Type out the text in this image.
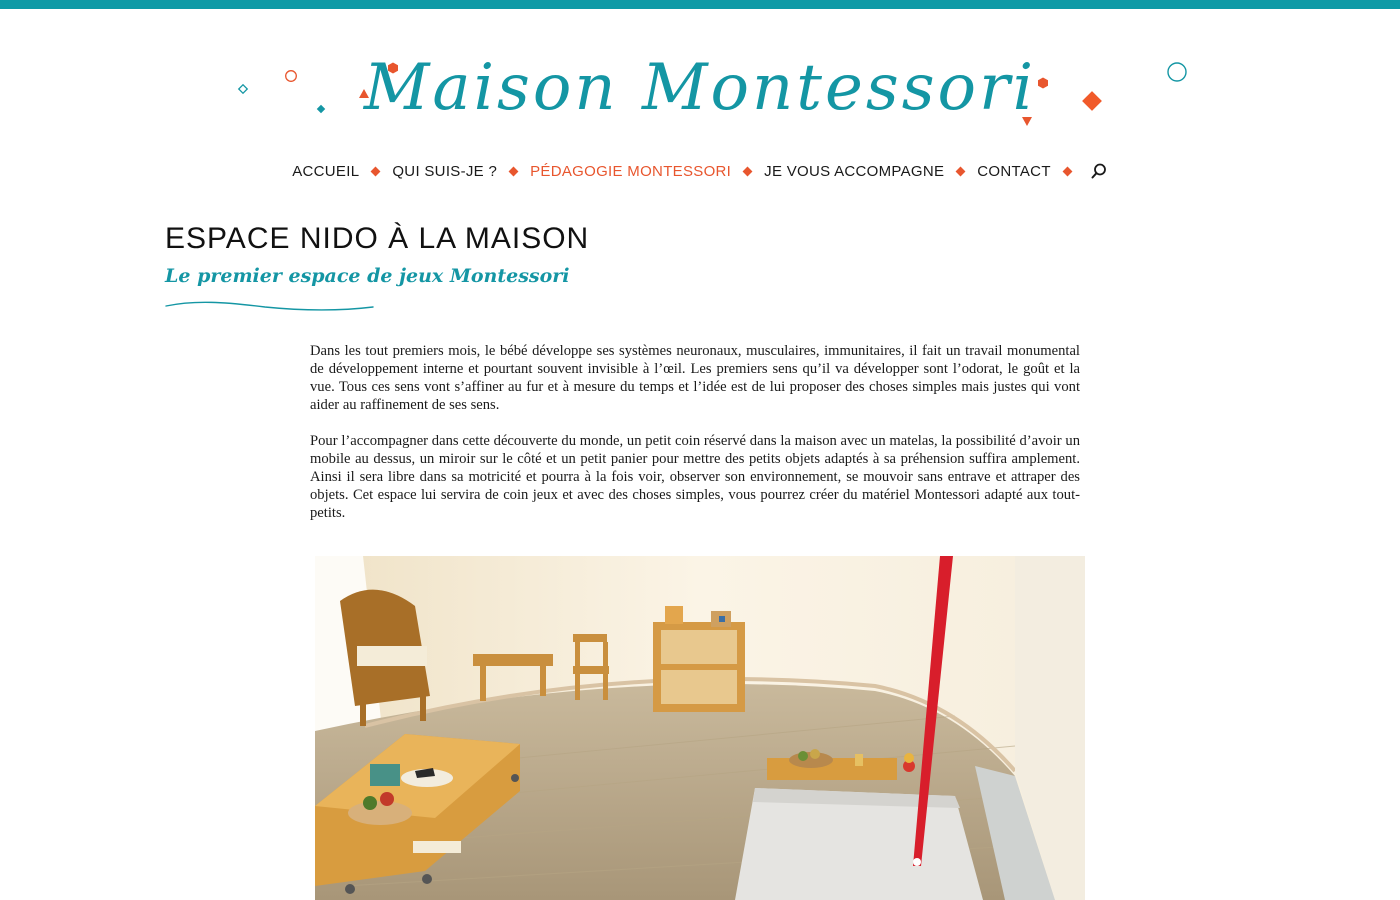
Maison Montessori
ACCUEIL QUI SUIS-JE ? PÉDAGOGIE MONTESSORI JE VOUS ACCOMPAGNE CONTACT
ESPACE NIDO À LA MAISON
Le premier espace de jeux Montessori

Dans les tout premiers mois, le bébé développe ses systèmes neuronaux, musculaires, immunitaires, il fait un travail monumental de développement interne et pourtant souvent invisible à l’œil. Les premiers sens qu’il va développer sont l’odorat, le goût et la vue. Tous ces sens vont s’affiner au fur et à mesure du temps et l’idée est de lui proposer des choses simples mais justes qui vont aider au raffinement de ses sens.

Pour l’accompagner dans cette découverte du monde, un petit coin réservé dans la maison avec un matelas, la possibilité d’avoir un mobile au dessus, un miroir sur le côté et un petit panier pour mettre des petits objets adaptés à sa préhension suffira amplement. Ainsi il sera libre dans sa motricité et pourra à la fois voir, observer son environnement, se mouvoir sans entrave et attraper des objets. Cet espace lui servira de coin jeux et avec des choses simples, vous pourrez créer du matériel Montessori adapté aux tout-petits.
